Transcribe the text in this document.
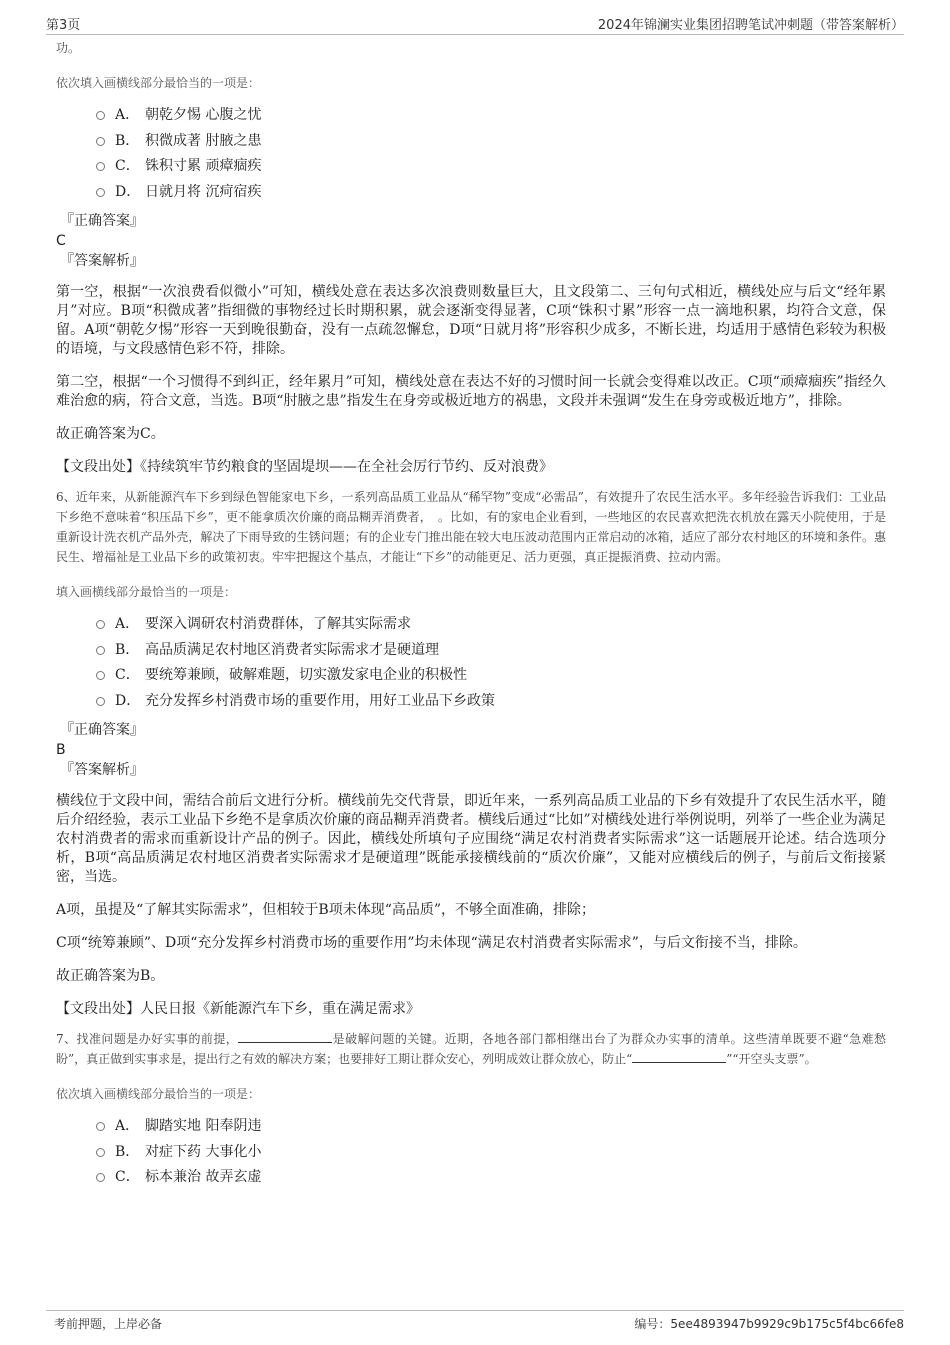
第3页	2024年锦澜实业集团招聘笔试冲刺题（带答案解析）
功。
依次填入画横线部分最恰当的一项是：
A． 朝乾夕惕 心腹之忧
B． 积微成著 肘腋之患
C． 铢积寸累 顽瘴痼疾
D． 日就月将 沉疴宿疾
『正确答案』
C
『答案解析』

第一空，根据“一次浪费看似微小”可知，横线处意在表达多次浪费则数量巨大，且文段第二、三句句式相近，横线处应与后文“经年累月”对应。B项“积微成著”指细微的事物经过长时期积累，就会逐渐变得显著，C项“铢积寸累”形容一点一滴地积累，均符合文意，保留。A项“朝乾夕惕”形容一天到晚很勤奋，没有一点疏忽懈怠，D项“日就月将”形容积少成多，不断长进，均适用于感情色彩较为积极的语境，与文段感情色彩不符，排除。

第二空，根据“一个习惯得不到纠正，经年累月”可知，横线处意在表达不好的习惯时间一长就会变得难以改正。C项“顽瘴痼疾”指经久难治愈的病，符合文意，当选。B项“肘腋之患”指发生在身旁或极近地方的祸患，文段并未强调“发生在身旁或极近地方”，排除。

故正确答案为C。

【文段出处】《持续筑牢节约粮食的坚固堤坝——在全社会厉行节约、反对浪费》

6、近年来，从新能源汽车下乡到绿色智能家电下乡，一系列高品质工业品从“稀罕物”变成“必需品”，有效提升了农民生活水平。多年经验告诉我们：工业品下乡绝不意味着“积压品下乡”，更不能拿质次价廉的商品糊弄消费者，　。比如，有的家电企业看到，一些地区的农民喜欢把洗衣机放在露天小院使用，于是重新设计洗衣机产品外壳，解决了下雨导致的生锈问题；有的企业专门推出能在较大电压波动范围内正常启动的冰箱，适应了部分农村地区的环境和条件。惠民生、增福祉是工业品下乡的政策初衷。牢牢把握这个基点，才能让“下乡”的动能更足、活力更强，真正提振消费、拉动内需。
填入画横线部分最恰当的一项是：
A． 要深入调研农村消费群体，了解其实际需求
B． 高品质满足农村地区消费者实际需求才是硬道理
C． 要统筹兼顾，破解难题，切实激发家电企业的积极性
D． 充分发挥乡村消费市场的重要作用，用好工业品下乡政策
『正确答案』
B
『答案解析』

横线位于文段中间，需结合前后文进行分析。横线前先交代背景，即近年来，一系列高品质工业品的下乡有效提升了农民生活水平，随后介绍经验，表示工业品下乡绝不是拿质次价廉的商品糊弄消费者。横线后通过“比如”对横线处进行举例说明，列举了一些企业为满足农村消费者的需求而重新设计产品的例子。因此，横线处所填句子应围绕“满足农村消费者实际需求”这一话题展开论述。结合选项分析，B项“高品质满足农村地区消费者实际需求才是硬道理”既能承接横线前的“质次价廉”，又能对应横线后的例子，与前后文衔接紧密，当选。

A项，虽提及“了解其实际需求”，但相较于B项未体现“高品质”，不够全面准确，排除；

C项“统筹兼顾”、D项“充分发挥乡村消费市场的重要作用”均未体现“满足农村消费者实际需求”，与后文衔接不当，排除。

故正确答案为B。

【文段出处】人民日报《新能源汽车下乡，重在满足需求》

7、找准问题是办好实事的前提，	是破解问题的关键。近期，各地各部门都相继出台了为群众办实事的清单。这些清单既要不避“急难愁盼”，真正做到实事求是，提出行之有效的解决方案；也要排好工期让群众安心，列明成效让群众放心，防止“	”“开空头支票”。
依次填入画横线部分最恰当的一项是：
A． 脚踏实地 阳奉阴违
B． 对症下药 大事化小
C． 标本兼治 故弄玄虚
考前押题，上岸必备	编号：5ee4893947b9929c9b175c5f4bc66fe8
